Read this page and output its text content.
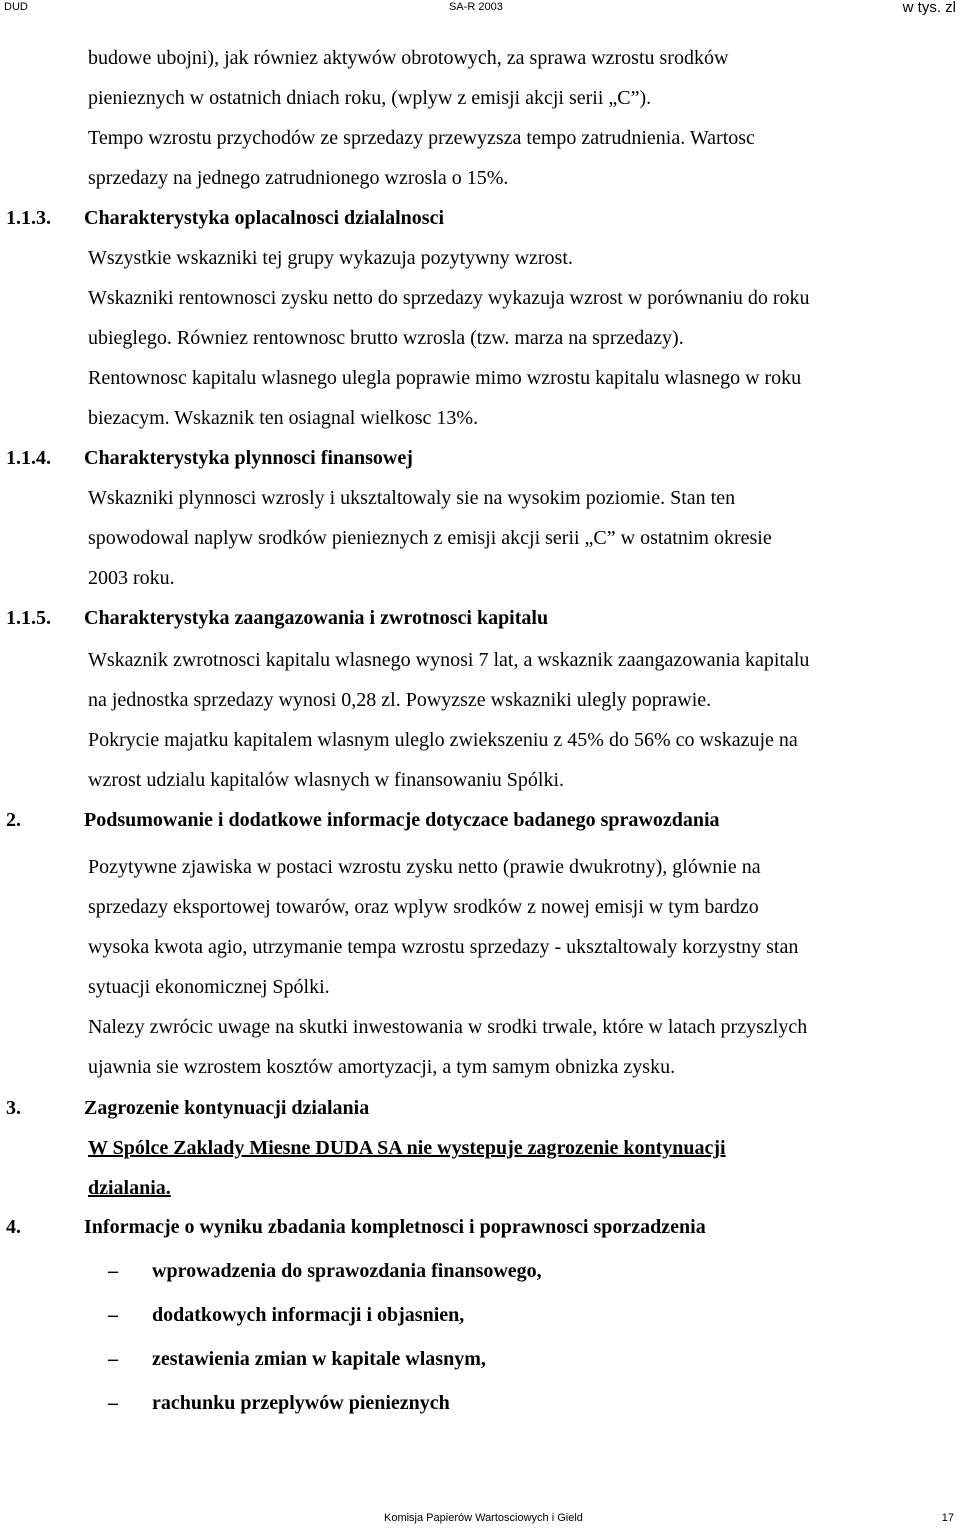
DUD	SA-R 2003	w tys. zl
budowe ubojni), jak równiez aktywów obrotowych, za sprawa wzrostu srodków
pienieznych w ostatnich dniach roku, (wplyw z emisji akcji serii „C”).
Tempo wzrostu przychodów ze sprzedazy przewyzsza tempo zatrudnienia. Wartosc
sprzedazy na jednego zatrudnionego wzrosla o 15%.
1.1.3. Charakterystyka oplacalnosci dzialalnosci
Wszystkie wskazniki tej grupy wykazuja pozytywny wzrost.
Wskazniki rentownosci zysku netto do sprzedazy wykazuja wzrost w porównaniu do roku
ubieglego. Równiez rentownosc brutto wzrosla (tzw. marza na sprzedazy).
Rentownosc kapitalu wlasnego ulegla poprawie mimo wzrostu kapitalu wlasnego w roku
biezacym. Wskaznik ten osiagnal wielkosc 13%.
1.1.4. Charakterystyka plynnosci finansowej
Wskazniki plynnosci wzrosly i uksztaltowaly sie na wysokim poziomie. Stan ten
spowodowal naplyw srodków pienieznych z emisji akcji serii „C” w ostatnim okresie
2003 roku.
1.1.5. Charakterystyka zaangazowania i zwrotnosci kapitalu
Wskaznik zwrotnosci kapitalu wlasnego wynosi 7 lat, a wskaznik zaangazowania kapitalu
na jednostka sprzedazy wynosi 0,28 zl. Powyzsze wskazniki ulegly poprawie.
Pokrycie majatku kapitalem wlasnym uleglo zwiekszeniu z 45% do 56% co wskazuje na
wzrost udzialu kapitalów wlasnych w finansowaniu Spólki.
2.	Podsumowanie i dodatkowe informacje dotyczace badanego sprawozdania
Pozytywne zjawiska w postaci wzrostu zysku netto (prawie dwukrotny), glównie na
sprzedazy eksportowej towarów, oraz wplyw srodków z nowej emisji w tym bardzo
wysoka kwota agio, utrzymanie tempa wzrostu sprzedazy - uksztaltowaly korzystny stan
sytuacji ekonomicznej Spólki.
Nalezy zwrócic uwage na skutki inwestowania w srodki trwale, które w latach przyszlych
ujawnia sie wzrostem kosztów amortyzacji, a tym samym obnizka zysku.
3.	Zagrozenie kontynuacji dzialania
W Spólce Zaklady Miesne DUDA SA nie wystepuje zagrozenie kontynuacji
dzialania.
4.	Informacje o wyniku zbadania kompletnosci i poprawnosci sporzadzenia
– wprowadzenia do sprawozdania finansowego,
– dodatkowych informacji i objasnien,
– zestawienia zmian w kapitale wlasnym,
– rachunku przeplywów pienieznych
Komisja Papierów Wartosciowych i Gield	17
